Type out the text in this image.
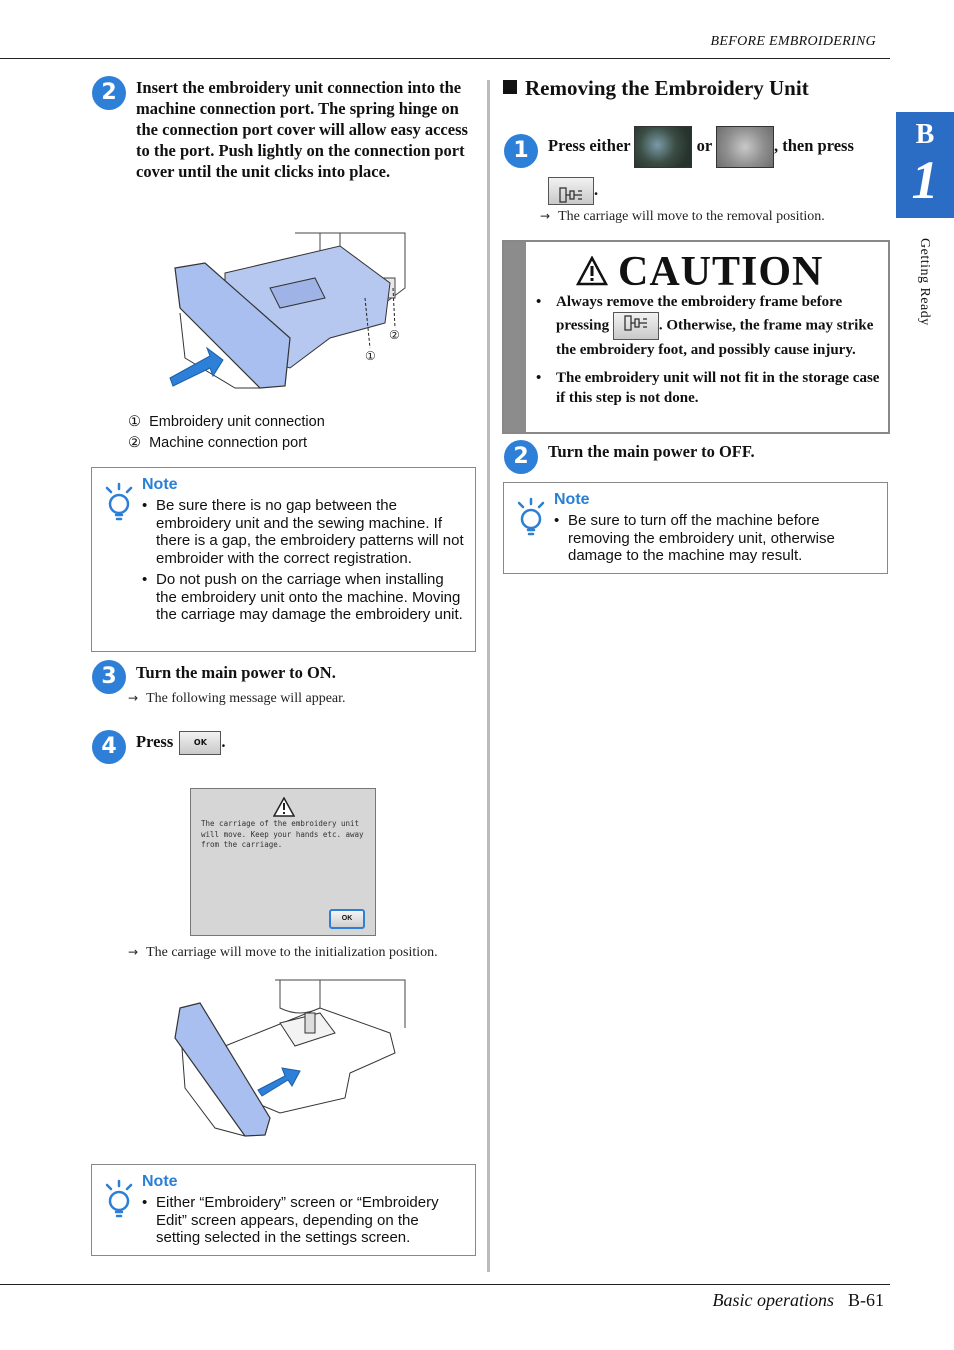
BEFORE EMBROIDERING
B
1
Getting Ready
2	Insert the embroidery unit connection into the machine connection port. The spring hinge on the connection port cover will allow easy access to the port. Push lightly on the connection port cover until the unit clicks into place.
①
②
① Embroidery unit connection
② Machine connection port
Note
• Be sure there is no gap between the embroidery unit and the sewing machine. If there is a gap, the embroidery patterns will not embroider with the correct registration.
• Do not push on the carriage when installing the embroidery unit onto the machine. Moving the carriage may damage the embroidery unit.
3	Turn the main power to ON.
→ The following message will appear.
4	Press	OK .
The carriage of the embroidery unit will move. Keep your hands etc. away from the carriage.
OK
→ The carriage will move to the initialization position.
Note
• Either “Embroidery” screen or “Embroidery Edit” screen appears, depending on the setting selected in the settings screen.
Removing the Embroidery Unit
1	Press either	or	, then press
.
→ The carriage will move to the removal position.
CAUTION
• Always remove the embroidery frame before pressing	. Otherwise, the frame may strike the embroidery foot, and possibly cause injury.
• The embroidery unit will not fit in the storage case if this step is not done.
2	Turn the main power to OFF.
Note
• Be sure to turn off the machine before removing the embroidery unit, otherwise damage to the machine may result.
Basic operations B-61
